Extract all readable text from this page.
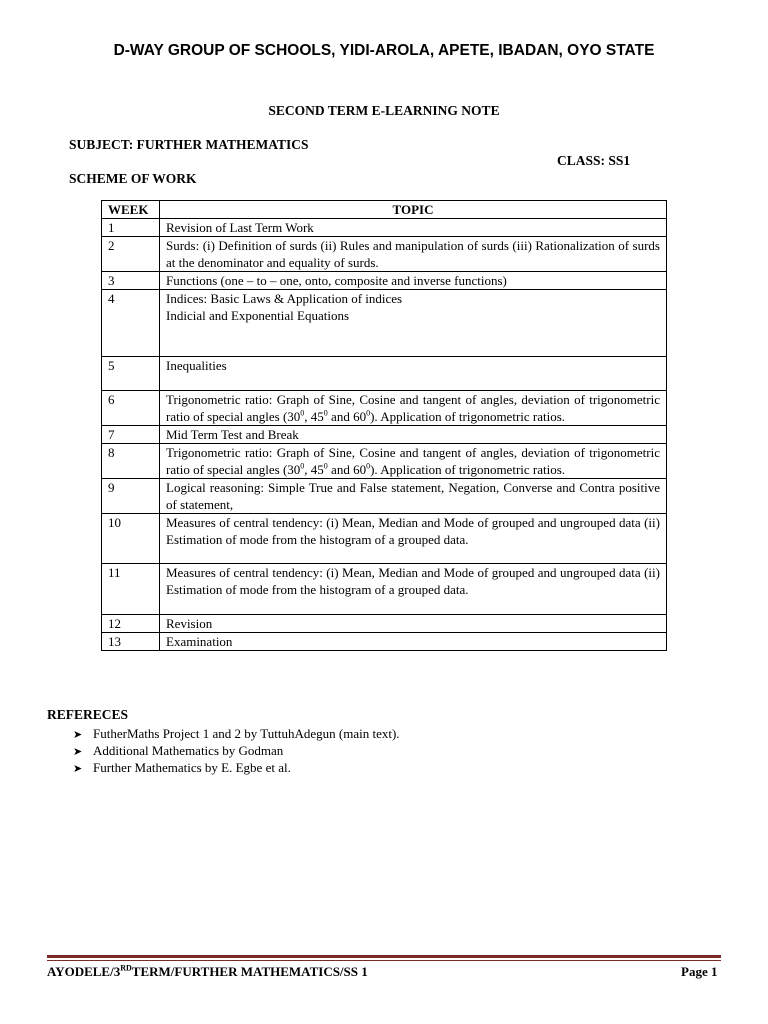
D-WAY GROUP OF SCHOOLS, YIDI-AROLA, APETE, IBADAN, OYO STATE
SECOND TERM E-LEARNING NOTE
SUBJECT: FURTHER MATHEMATICS
CLASS: SS1
SCHEME OF WORK
WEEK	TOPIC
1	Revision of Last Term Work
2	Surds: (i) Definition of surds (ii) Rules and manipulation of surds (iii) Rationalization of surds at the denominator and equality of surds.
3	Functions (one – to – one, onto, composite and inverse functions)
4	Indices: Basic Laws & Application of indices
Indicial and Exponential Equations

5	Inequalities
6	Trigonometric ratio: Graph of Sine, Cosine and tangent of angles, deviation of trigonometric ratio of special angles ($30^0$, $45^0$ and $60^0$). Application of trigonometric ratios.
7	Mid Term Test and Break
8	Trigonometric ratio: Graph of Sine, Cosine and tangent of angles, deviation of trigonometric ratio of special angles ($30^0$, $45^0$ and $60^0$). Application of trigonometric ratios.
9	Logical reasoning: Simple True and False statement, Negation, Converse and Contra positive of statement,
10	Measures of central tendency: (i) Mean, Median and Mode of grouped and ungrouped data (ii) Estimation of mode from the histogram of a grouped data.
11	Measures of central tendency: (i) Mean, Median and Mode of grouped and ungrouped data (ii) Estimation of mode from the histogram of a grouped data.
12	Revision
13	Examination
REFERECES
➤ FutherMaths Project 1 and 2 by TuttuhAdegun (main text).
➤ Additional Mathematics by Godman
➤ Further Mathematics by E. Egbe et al.
AYODELE/3RDTERM/FURTHER MATHEMATICS/SS 1	Page 1
